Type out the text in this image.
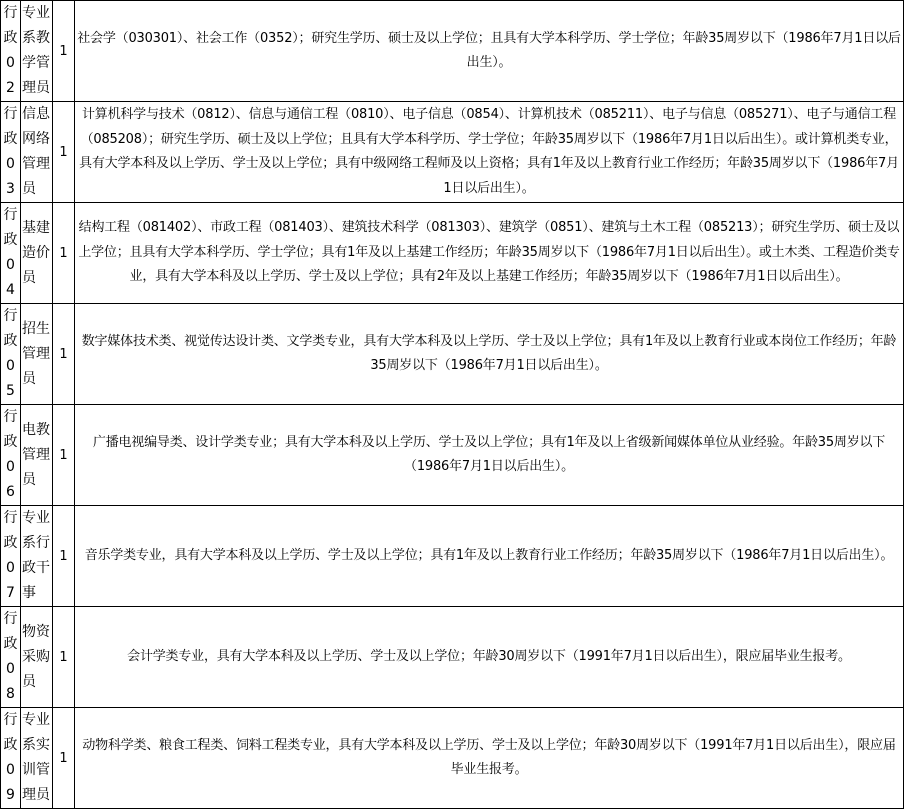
行政02	专业系教学管理员	1	社会学（030301）、社会工作（0352）；研究生学历、硕士及以上学位；且具有大学本科学历、学士学位；年龄35周岁以下（1986年7月1日以后出生）。
行政03	信息网络管理员	1	计算机科学与技术（0812）、信息与通信工程（0810）、电子信息（0854）、计算机技术（085211）、电子与信息（085271）、电子与通信工程（085208）；研究生学历、硕士及以上学位；且具有大学本科学历、学士学位；年龄35周岁以下（1986年7月1日以后出生）。或计算机类专业，具有大学本科及以上学历、学士及以上学位；具有中级网络工程师及以上资格；具有1年及以上教育行业工作经历；年龄35周岁以下（1986年7月1日以后出生）。
行政04	基建造价员	1	结构工程（081402）、市政工程（081403）、建筑技术科学（081303）、建筑学（0851）、建筑与土木工程（085213）；研究生学历、硕士及以上学位；且具有大学本科学历、学士学位；具有1年及以上基建工作经历；年龄35周岁以下（1986年7月1日以后出生）。或土木类、工程造价类专业，具有大学本科及以上学历、学士及以上学位；具有2年及以上基建工作经历；年龄35周岁以下（1986年7月1日以后出生）。
行政05	招生管理员	1	数字媒体技术类、视觉传达设计类、文学类专业，具有大学本科及以上学历、学士及以上学位；具有1年及以上教育行业或本岗位工作经历；年龄35周岁以下（1986年7月1日以后出生）。
行政06	电教管理员	1	广播电视编导类、设计学类专业；具有大学本科及以上学历、学士及以上学位；具有1年及以上省级新闻媒体单位从业经验。年龄35周岁以下（1986年7月1日以后出生）。
行政07	专业系行政干事	1	音乐学类专业，具有大学本科及以上学历、学士及以上学位；具有1年及以上教育行业工作经历；年龄35周岁以下（1986年7月1日以后出生）。
行政08	物资采购员	1	会计学类专业，具有大学本科及以上学历、学士及以上学位；年龄30周岁以下（1991年7月1日以后出生），限应届毕业生报考。
行政09	专业系实训管理员	1	动物科学类、粮食工程类、饲料工程类专业，具有大学本科及以上学历、学士及以上学位；年龄30周岁以下（1991年7月1日以后出生），限应届毕业生报考。
